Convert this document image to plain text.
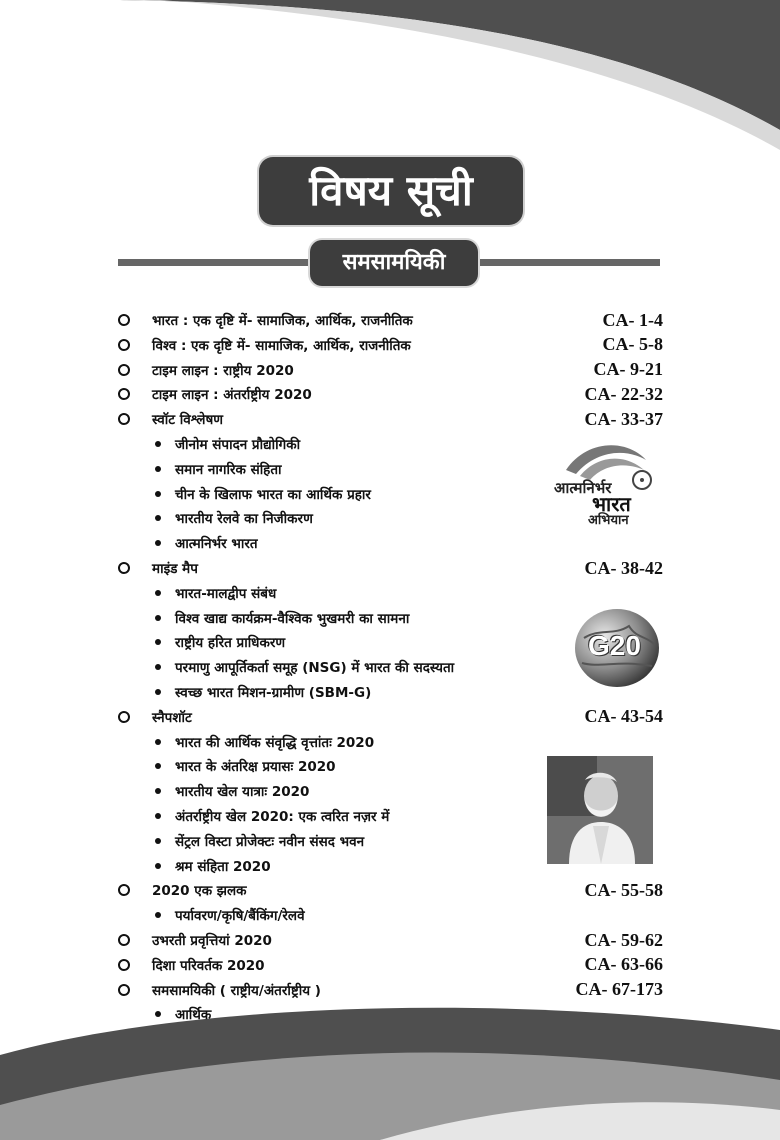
विषय सूची
समसामयिकी
भारत : एक दृष्टि में- सामाजिक, आर्थिक, राजनीतिक	CA- 1-4
विश्व : एक दृष्टि में- सामाजिक, आर्थिक, राजनीतिक	CA- 5-8
टाइम लाइन : राष्ट्रीय 2020	CA- 9-21
टाइम लाइन : अंतर्राष्ट्रीय 2020	CA- 22-32
स्वॉट विश्लेषण	CA- 33-37
जीनोम संपादन प्रौद्योगिकी
समान नागरिक संहिता
चीन के खिलाफ भारत का आर्थिक प्रहार
भारतीय रेलवे का निजीकरण
आत्मनिर्भर भारत
माइंड मैप	CA- 38-42
भारत-मालद्वीप संबंध
विश्व खाद्य कार्यक्रम-वैश्विक भुखमरी का सामना
राष्ट्रीय हरित प्राधिकरण
परमाणु आपूर्तिकर्ता समूह (NSG) में भारत की सदस्यता
स्वच्छ भारत मिशन-ग्रामीण (SBM-G)
स्नैपशॉट	CA- 43-54
भारत की आर्थिक संवृद्धि वृत्तांतः 2020
भारत के अंतरिक्ष प्रयासः 2020
भारतीय खेल यात्राः 2020
अंतर्राष्ट्रीय खेल 2020: एक त्वरित नज़र में
सेंट्रल विस्टा प्रोजेक्टः नवीन संसद भवन
श्रम संहिता 2020
2020 एक झलक	CA- 55-58
पर्यावरण/कृषि/बैंकिंग/रेलवे
उभरती प्रवृत्तियां 2020	CA- 59-62
दिशा परिवर्तक 2020	CA- 63-66
समसामयिकी ( राष्ट्रीय/अंतर्राष्ट्रीय )	CA- 67-173
आर्थिक
आत्मनिर्भर
भारत
अभियान
G20
